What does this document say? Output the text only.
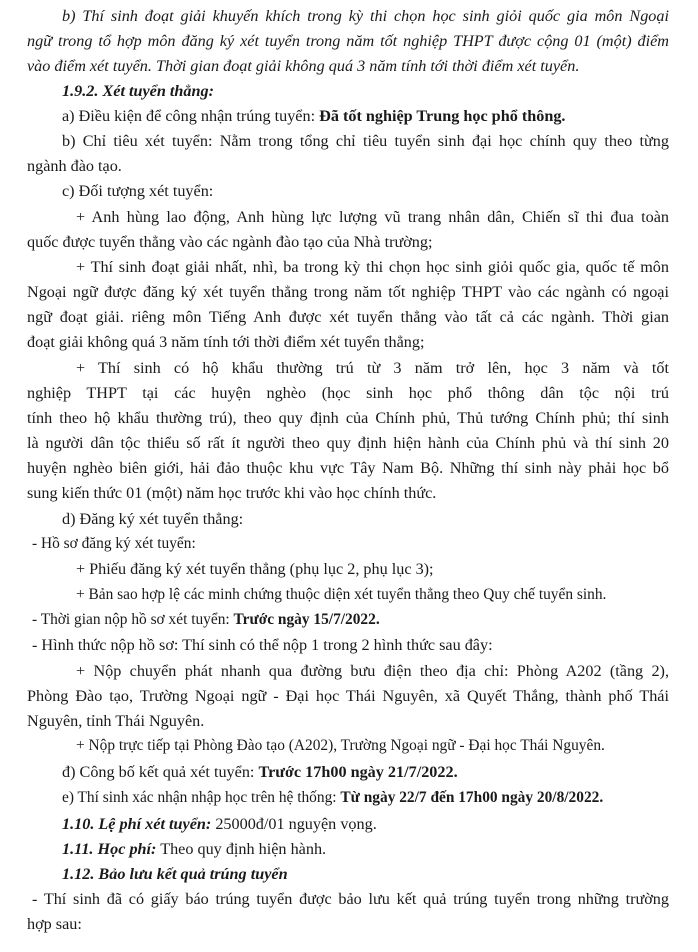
b) Thí sinh đoạt giải khuyến khích trong kỳ thi chọn học sinh giỏi quốc gia môn Ngoại
ngữ trong tổ hợp môn đăng ký xét tuyển trong năm tốt nghiệp THPT được cộng 01 (một) điểm
vào điểm xét tuyển. Thời gian đoạt giải không quá 3 năm tính tới thời điểm xét tuyển.
1.9.2. Xét tuyển thẳng:
a) Điều kiện để công nhận trúng tuyển: Đã tốt nghiệp Trung học phổ thông.
b) Chỉ tiêu xét tuyển: Nằm trong tổng chỉ tiêu tuyển sinh đại học chính quy theo từng
ngành đào tạo.
c) Đối tượng xét tuyển:
+ Anh hùng lao động, Anh hùng lực lượng vũ trang nhân dân, Chiến sĩ thi đua toàn
quốc được tuyển thẳng vào các ngành đào tạo của Nhà trường;
+ Thí sinh đoạt giải nhất, nhì, ba trong kỳ thi chọn học sinh giỏi quốc gia, quốc tế môn
Ngoại ngữ được đăng ký xét tuyển thẳng trong năm tốt nghiệp THPT vào các ngành có ngoại
ngữ đoạt giải. riêng môn Tiếng Anh được xét tuyển thẳng vào tất cả các ngành. Thời gian
đoạt giải không quá 3 năm tính tới thời điểm xét tuyển thẳng;
+ Thí sinh có hộ khẩu thường trú từ 3 năm trở lên, học 3 năm và tốt
nghiệp THPT tại các huyện nghèo (học sinh học phổ thông dân tộc nội trú
tính theo hộ khẩu thường trú), theo quy định của Chính phủ, Thủ tướng Chính phủ; thí sinh
là người dân tộc thiểu số rất ít người theo quy định hiện hành của Chính phủ và thí sinh 20
huyện nghèo biên giới, hải đảo thuộc khu vực Tây Nam Bộ. Những thí sinh này phải học bổ
sung kiến thức 01 (một) năm học trước khi vào học chính thức.
d) Đăng ký xét tuyển thẳng:
- Hồ sơ đăng ký xét tuyển:
+ Phiếu đăng ký xét tuyển thẳng (phụ lục 2, phụ lục 3);
+ Bản sao hợp lệ các minh chứng thuộc diện xét tuyển thẳng theo Quy chế tuyển sinh.
- Thời gian nộp hồ sơ xét tuyển: Trước ngày 15/7/2022.
- Hình thức nộp hồ sơ: Thí sinh có thể nộp 1 trong 2 hình thức sau đây:
+ Nộp chuyển phát nhanh qua đường bưu điện theo địa chỉ: Phòng A202 (tầng 2),
Phòng Đào tạo, Trường Ngoại ngữ - Đại học Thái Nguyên, xã Quyết Thắng, thành phố Thái
Nguyên, tỉnh Thái Nguyên.
+ Nộp trực tiếp tại Phòng Đào tạo (A202), Trường Ngoại ngữ - Đại học Thái Nguyên.
đ) Công bố kết quả xét tuyển: Trước 17h00 ngày 21/7/2022.
e) Thí sinh xác nhận nhập học trên hệ thống: Từ ngày 22/7 đến 17h00 ngày 20/8/2022.
1.10. Lệ phí xét tuyển: 25000đ/01 nguyện vọng.
1.11. Học phí: Theo quy định hiện hành.
1.12. Bảo lưu kết quả trúng tuyển
- Thí sinh đã có giấy báo trúng tuyển được bảo lưu kết quả trúng tuyển trong những trường
hợp sau:
